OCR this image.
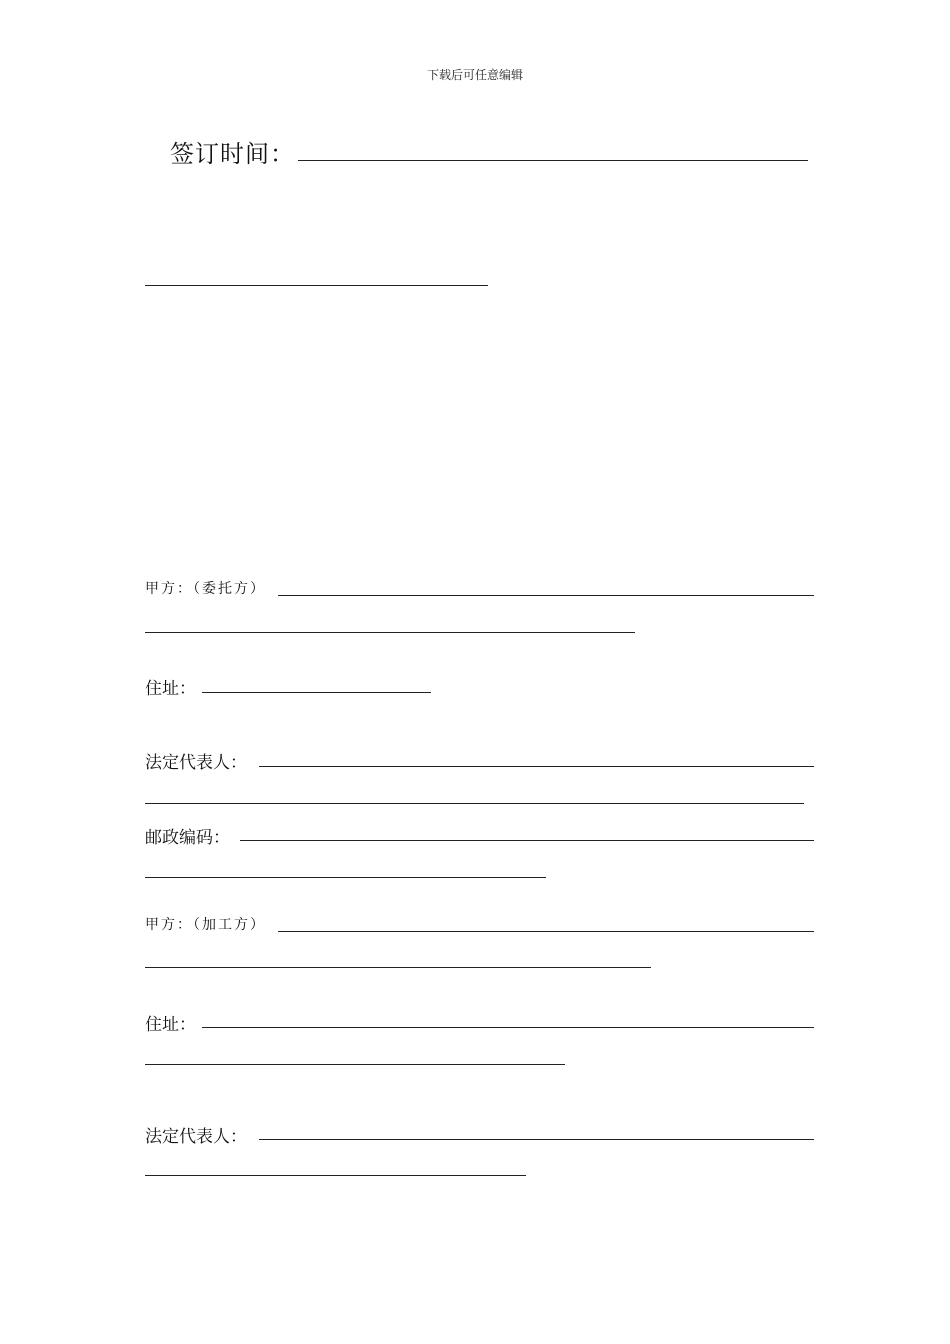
下载后可任意编辑
签订时间：
甲方：（委托方）
住址：
法定代表人：
邮政编码：
甲方：（加工方）
住址：
法定代表人：
